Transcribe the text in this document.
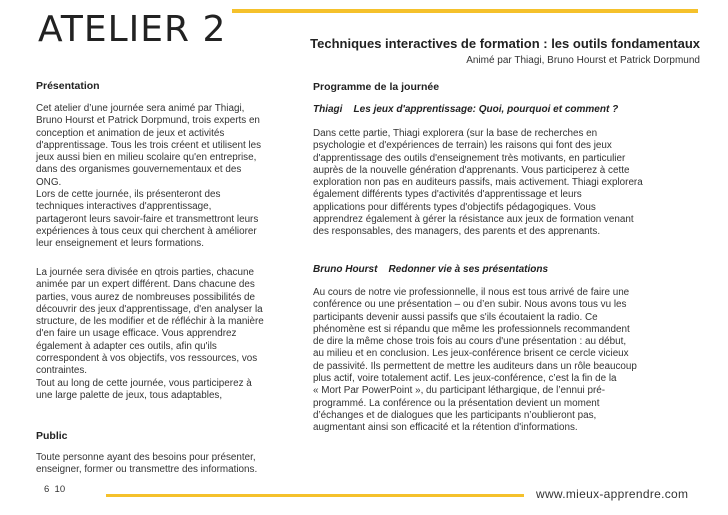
ATELIER 2	Techniques interactives de formation : les outils fondamentaux
Animé par Thiagi, Bruno Hourst et Patrick Dorpmund
Présentation
Cet atelier d’une journée sera animé par Thiagi,
Bruno Hourst et Patrick Dorpmund, trois experts en
conception et animation de jeux et activités
d'apprentissage. Tous les trois créent et utilisent les
jeux aussi bien en milieu scolaire qu'en entreprise,
dans des organismes gouvernementaux et des
ONG.
Lors de cette journée, ils présenteront des
techniques interactives d'apprentissage,
partageront leurs savoir-faire et transmettront leurs
expériences à tous ceux qui cherchent à améliorer
leur enseignement et leurs formations.
La journée sera divisée en qtrois parties, chacune
animée par un expert différent. Dans chacune des
parties, vous aurez de nombreuses possibilités de
découvrir des jeux d'apprentissage, d'en analyser la
structure, de les modifier et de réfléchir à la manière
d'en faire un usage efficace. Vous apprendrez
également à adapter ces outils, afin qu'ils
correspondent à vos objectifs, vos ressources, vos
contraintes.
Tout au long de cette journée, vous participerez à
une large palette de jeux, tous adaptables,
Public
Toute personne ayant des besoins pour présenter,
enseigner, former ou transmettre des informations.
Programme de la journée
Thiagi    Les jeux d'apprentissage: Quoi, pourquoi et comment ?
Dans cette partie, Thiagi explorera (sur la base de recherches en
psychologie et d'expériences de terrain) les raisons qui font des jeux
d'apprentissage des outils d'enseignement très motivants, en particulier
auprès de la nouvelle génération d'apprenants. Vous participerez à cette
exploration non pas en auditeurs passifs, mais activement. Thiagi explorera
également différents types d'activités d'apprentissage et leurs
applications pour différents types d'objectifs pédagogiques. Vous
apprendrez également à gérer la résistance aux jeux de formation venant
des responsables, des managers, des parents et des apprenants.
Bruno Hourst    Redonner vie à ses présentations
Au cours de notre vie professionnelle, il nous est tous arrivé de faire une
conférence ou une présentation – ou d’en subir. Nous avons tous vu les
participants devenir aussi passifs que s'ils écoutaient la radio. Ce
phénomène est si répandu que même les professionnels recommandent
de dire la même chose trois fois au cours d'une présentation : au début,
au milieu et en conclusion. Les jeux-conférence brisent ce cercle vicieux
de passivité. Ils permettent de mettre les auditeurs dans un rôle beaucoup
plus actif, voire totalement actif. Les jeux-conférence, c’est la fin de la
« Mort Par PowerPoint », du participant léthargique, de l’ennui pré-
programmé. La conférence ou la présentation devient un moment
d’échanges et de dialogues que les participants n’oublieront pas,
augmentant ainsi son efficacité et la rétention d'informations.
6  10	www.mieux-apprendre.com
